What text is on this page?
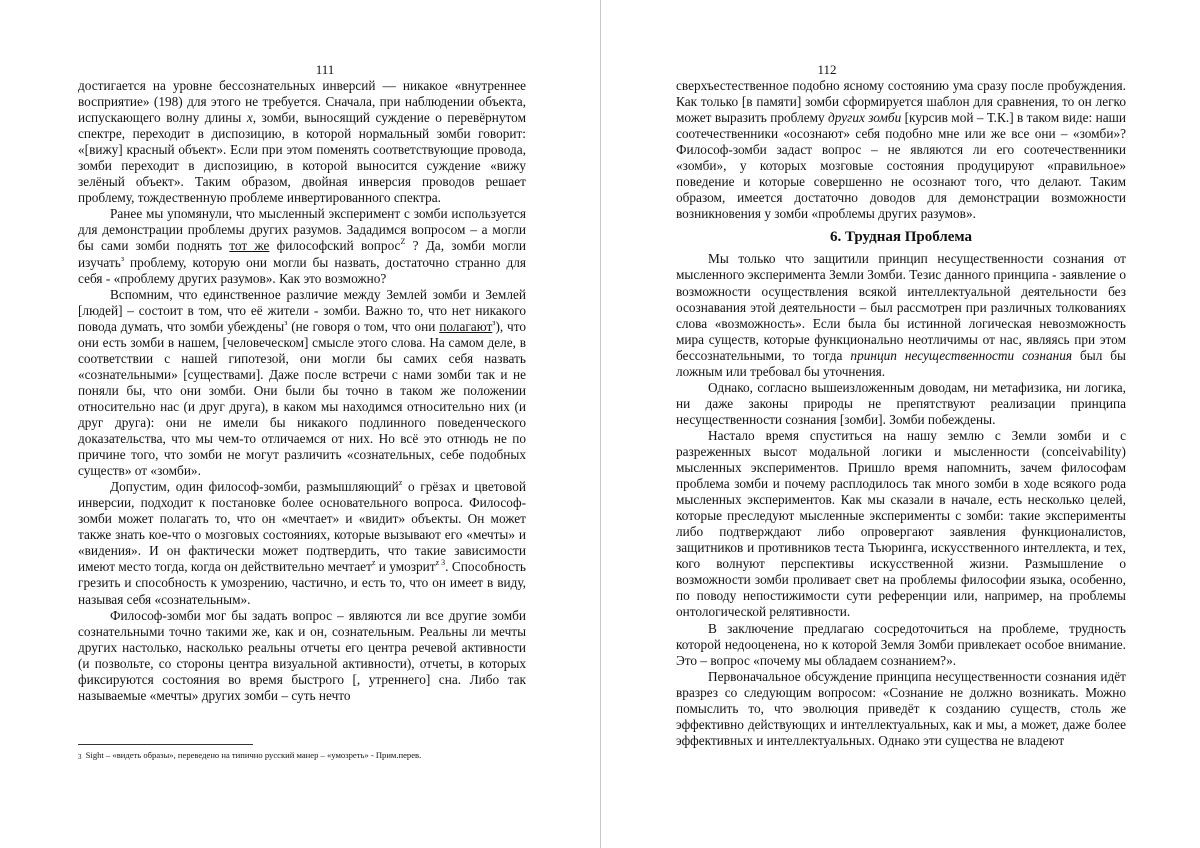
111

достигается на уровне бессознательных инверсий — никакое «внутреннее восприятие» (198) для этого не требуется. Сначала, при наблюдении объекта, испускающего волну длины x, зомби, выносящий суждение о перевёрнутом спектре, переходит в диспозицию, в которой нормальный зомби говорит: «[вижу] красный объект». Если при этом поменять соответствующие провода, зомби переходит в диспозицию, в которой выносится суждение «вижу зелёный объект». Таким образом, двойная инверсия проводов решает проблему, тождественную проблеме инвертированного спектра.

Ранее мы упомянули, что мысленный эксперимент с зомби используется для демонстрации проблемы других разумов. Зададимся вопросом – а могли бы сами зомби поднять тот же философский вопрос$^Z$ ? Да, зомби могли изучать$^з$ проблему, которую они могли бы назвать, достаточно странно для себя - «проблему других разумов». Как это возможно?

Вспомним, что единственное различие между Землей зомби и Землей [людей] – состоит в том, что её жители - зомби. Важно то, что нет никакого повода думать, что зомби убеждены$^з$ (не говоря о том, что они полагают$^з$), что они есть зомби в нашем, [человеческом] смысле этого слова. На самом деле, в соответствии с нашей гипотезой, они могли бы самих себя назвать «сознательными» [существами]. Даже после встречи с нами зомби так и не поняли бы, что они зомби. Они были бы точно в таком же положении относительно нас (и друг друга), в каком мы находимся относительно них (и друг друга): они не имели бы никакого подлинного поведенческого доказательства, что мы чем-то отличаемся от них. Но всё это отнюдь не по причине того, что зомби не могут различить «сознательных, себе подобных существ» от «зомби».

Допустим, один философ-зомби, размышляющий$^z$ о грёзах и цветовой инверсии, подходит к постановке более основательного вопроса. Философ-зомби может полагать то, что он «мечтает» и «видит» объекты. Он может также знать кое-что о мозговых состояниях, которые вызывают его «мечты» и «видения». И он фактически может подтвердить, что такие зависимости имеют место тогда, когда он действительно мечтает$^z$ и умозрит$^{z 3}$. Способность грезить и способность к умозрению, частично, и есть то, что он имеет в виду, называя себя «сознательным».

Философ-зомби мог бы задать вопрос – являются ли все другие зомби сознательными точно такими же, как и он, сознательным. Реальны ли мечты других настолько, насколько реальны отчеты его центра речевой активности (и позвольте, со стороны центра визуальной активности), отчеты, в которых фиксируются состояния во время быстрого [, утреннего] сна. Либо так называемые «мечты» других зомби – суть нечто

3 Sight – «видеть образы», переведено на типично русский манер – «умозреть» - Прим.перев.
112

сверхъестественное подобно ясному состоянию ума сразу после пробуждения. Как только [в памяти] зомби сформируется шаблон для сравнения, то он легко может выразить проблему других зомби [курсив мой – Т.К.] в таком виде: наши соотечественники «осознают» себя подобно мне или же все они – «зомби»? Философ-зомби задаст вопрос – не являются ли его соотечественники «зомби», у которых мозговые состояния продуцируют «правильное» поведение и которые совершенно не осознают того, что делают. Таким образом, имеется достаточно доводов для демонстрации возможности возникновения у зомби «проблемы других разумов».

6. Трудная Проблема

Мы только что защитили принцип несущественности сознания от мысленного эксперимента Земли Зомби. Тезис данного принципа - заявление о возможности осуществления всякой интеллектуальной деятельности без осознавания этой деятельности – был рассмотрен при различных толкованиях слова «возможность». Если была бы истинной логическая невозможность мира существ, которые функционально неотличимы от нас, являясь при этом бессознательными, то тогда принцип несущественности сознания был бы ложным или требовал бы уточнения.

Однако, согласно вышеизложенным доводам, ни метафизика, ни логика, ни даже законы природы не препятствуют реализации принципа несущественности сознания [зомби]. Зомби побеждены.

Настало время спуститься на нашу землю с Земли зомби и с разреженных высот модальной логики и мысленности (conceivability) мысленных экспериментов. Пришло время напомнить, зачем философам проблема зомби и почему расплодилось так много зомби в ходе всякого рода мысленных экспериментов. Как мы сказали в начале, есть несколько целей, которые преследуют мысленные эксперименты с зомби: такие эксперименты либо подтверждают либо опровергают заявления функционалистов, защитников и противников теста Тьюринга, искусственного интеллекта, и тех, кого волнуют перспективы искусственной жизни. Размышление о возможности зомби проливает свет на проблемы философии языка, особенно, по поводу непостижимости сути референции или, например, на проблемы онтологической релятивности.

В заключение предлагаю сосредоточиться на проблеме, трудность которой недооценена, но к которой Земля Зомби привлекает особое внимание. Это – вопрос «почему мы обладаем сознанием?».

Первоначальное обсуждение принципа несущественности сознания идёт вразрез со следующим вопросом: «Сознание не должно возникать. Можно помыслить то, что эволюция приведёт к созданию существ, столь же эффективно действующих и интеллектуальных, как и мы, а может, даже более эффективных и интеллектуальных. Однако эти существа не владеют
